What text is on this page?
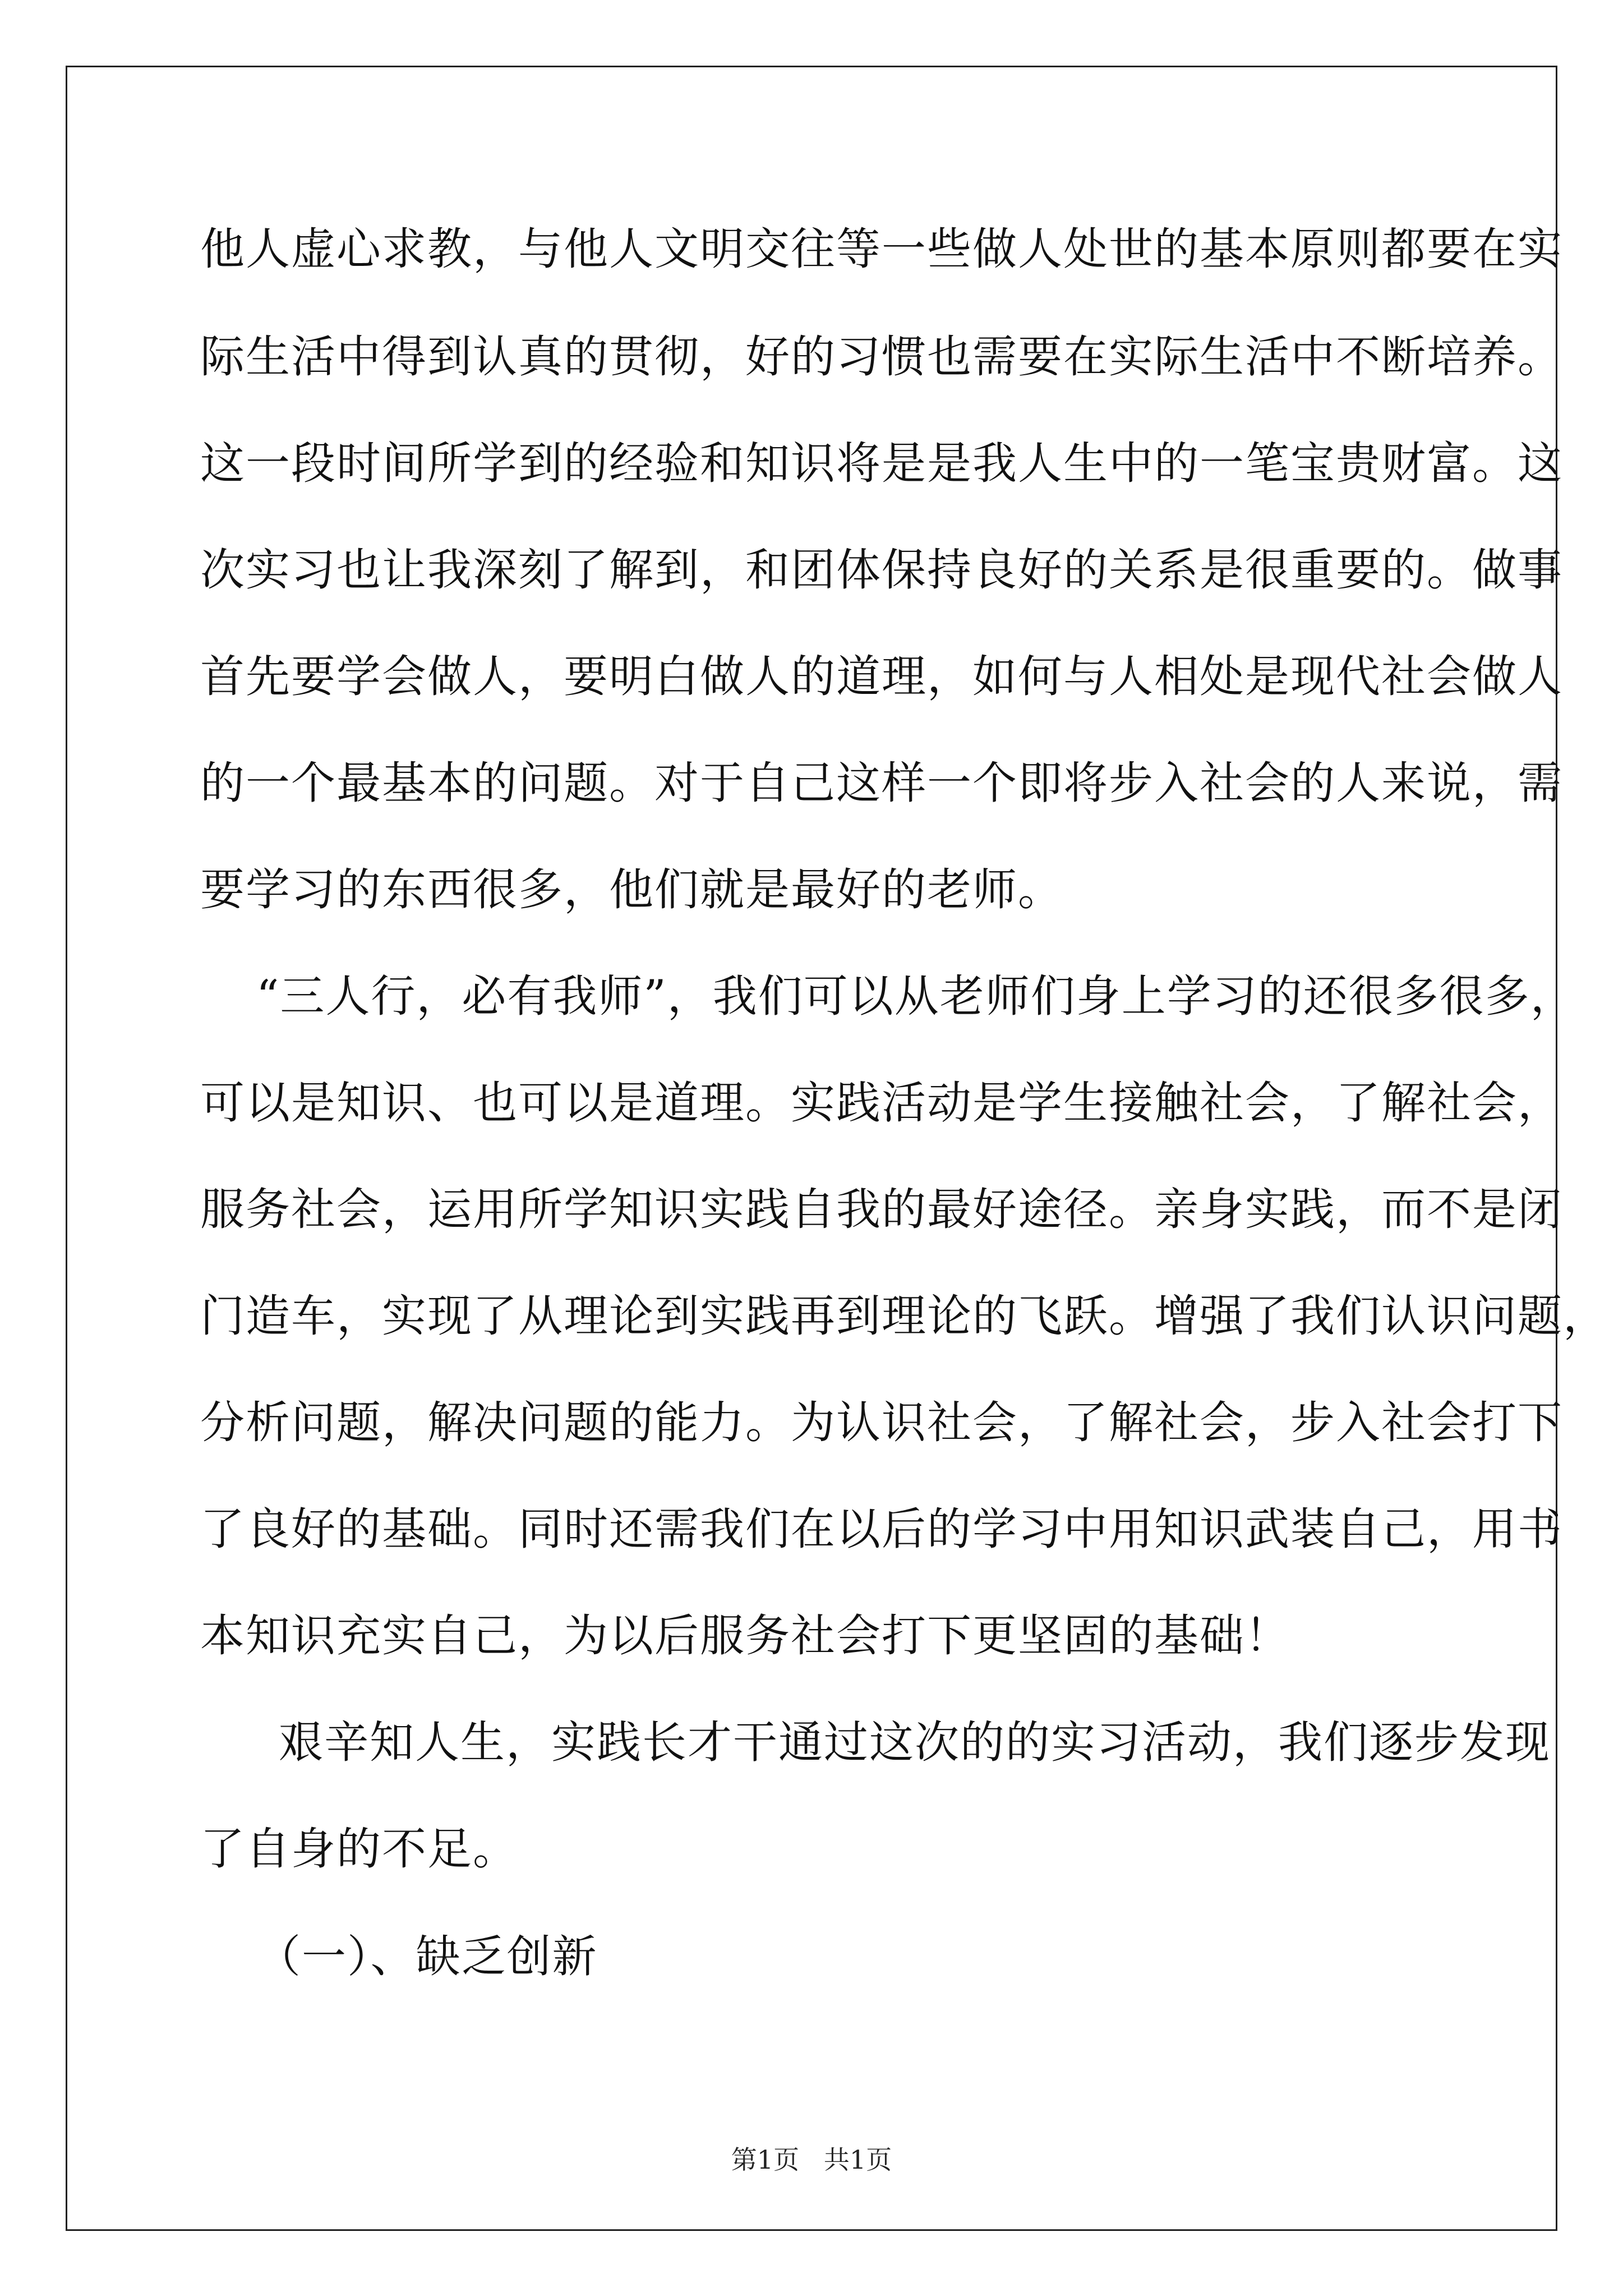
他人虚心求教，与他人文明交往等一些做人处世的基本原则都要在实
际生活中得到认真的贯彻，好的习惯也需要在实际生活中不断培养。
这一段时间所学到的经验和知识将是是我人生中的一笔宝贵财富。这
次实习也让我深刻了解到，和团体保持良好的关系是很重要的。做事
首先要学会做人，要明白做人的道理，如何与人相处是现代社会做人
的一个最基本的问题。对于自己这样一个即将步入社会的人来说，需
要学习的东西很多，他们就是最好的老师。
“三人行，必有我师”，我们可以从老师们身上学习的还很多很多，
可以是知识、也可以是道理。实践活动是学生接触社会，了解社会，
服务社会，运用所学知识实践自我的最好途径。亲身实践，而不是闭
门造车，实现了从理论到实践再到理论的飞跃。增强了我们认识问题，
分析问题，解决问题的能力。为认识社会，了解社会，步入社会打下
了良好的基础。同时还需我们在以后的学习中用知识武装自己，用书
本知识充实自己，为以后服务社会打下更坚固的基础！
艰辛知人生，实践长才干通过这次的的实习活动，我们逐步发现
了自身的不足。
（一）、缺乏创新
第1页   共1页
